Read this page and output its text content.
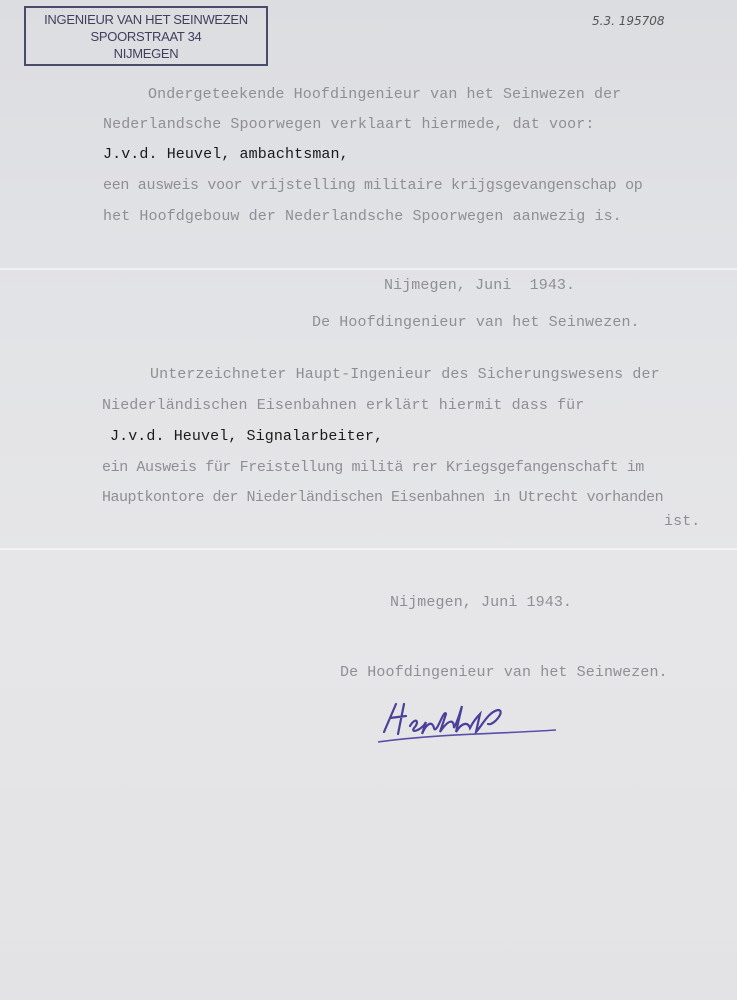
INGENIEUR VAN HET SEINWEZEN
SPOORSTRAAT 34
NIJMEGEN
5.3. 195708
Ondergeteekende Hoofdingenieur van het Seinwezen der
Nederlandsche Spoorwegen verklaart hiermede, dat voor:
J.v.d. Heuvel, ambachtsman,
een ausweis voor vrijstelling militaire krijgsgevangenschap op
het Hoofdgebouw der Nederlandsche Spoorwegen aanwezig is.
Nijmegen, Juni  1943.
De Hoofdingenieur van het Seinwezen.
Unterzeichneter Haupt-Ingenieur des Sicherungswesens der
Niederländischen Eisenbahnen erklärt hiermit dass für
J.v.d. Heuvel, Signalarbeiter,
ein Ausweis für Freistellung militä rer Kriegsgefangenschaft im
Hauptkontore der Niederländischen Eisenbahnen in Utrecht vorhanden
ist.
Nijmegen, Juni 1943.
De Hoofdingenieur van het Seinwezen.
